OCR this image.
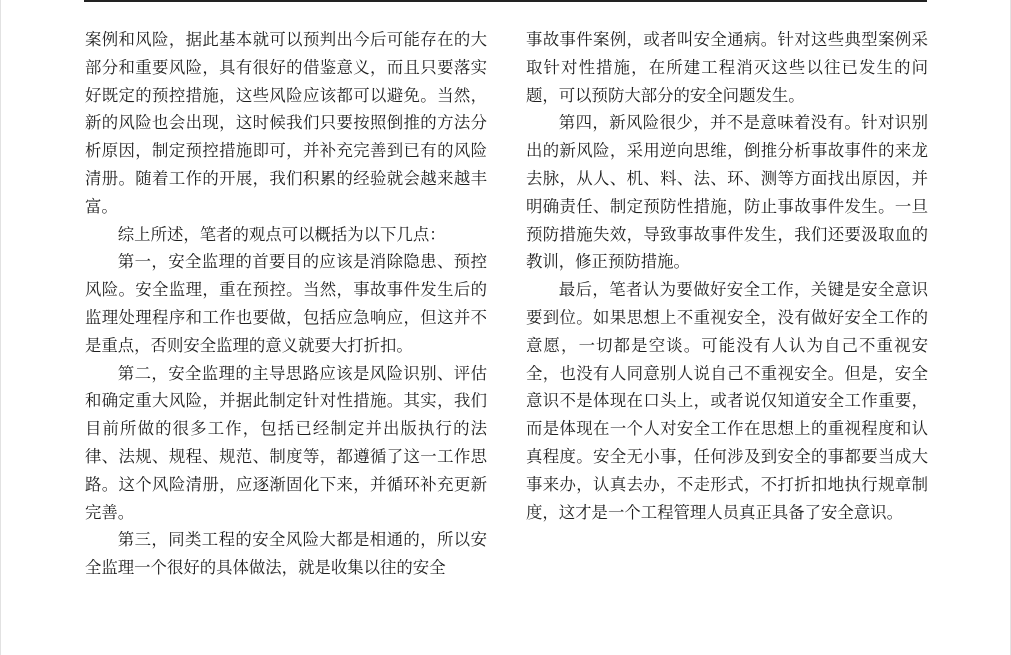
案例和风险，据此基本就可以预判出今后可能存在的大部分和重要风险，具有很好的借鉴意义，而且只要落实好既定的预控措施，这些风险应该都可以避免。当然，新的风险也会出现，这时候我们只要按照倒推的方法分析原因，制定预控措施即可，并补充完善到已有的风险清册。随着工作的开展，我们积累的经验就会越来越丰富。

综上所述，笔者的观点可以概括为以下几点：

第一，安全监理的首要目的应该是消除隐患、预控风险。安全监理，重在预控。当然，事故事件发生后的监理处理程序和工作也要做，包括应急响应，但这并不是重点，否则安全监理的意义就要大打折扣。

第二，安全监理的主导思路应该是风险识别、评估和确定重大风险，并据此制定针对性措施。其实，我们目前所做的很多工作，包括已经制定并出版执行的法律、法规、规程、规范、制度等，都遵循了这一工作思路。这个风险清册，应逐渐固化下来，并循环补充更新完善。

第三，同类工程的安全风险大都是相通的，所以安全监理一个很好的具体做法，就是收集以往的安全

事故事件案例，或者叫安全通病。针对这些典型案例采取针对性措施，在所建工程消灭这些以往已发生的问题，可以预防大部分的安全问题发生。

第四，新风险很少，并不是意味着没有。针对识别出的新风险，采用逆向思维，倒推分析事故事件的来龙去脉，从人、机、料、法、环、测等方面找出原因，并明确责任、制定预防性措施，防止事故事件发生。一旦预防措施失效，导致事故事件发生，我们还要汲取血的教训，修正预防措施。

最后，笔者认为要做好安全工作，关键是安全意识要到位。如果思想上不重视安全，没有做好安全工作的意愿，一切都是空谈。可能没有人认为自己不重视安全，也没有人同意别人说自己不重视安全。但是，安全意识不是体现在口头上，或者说仅知道安全工作重要，而是体现在一个人对安全工作在思想上的重视程度和认真程度。安全无小事，任何涉及到安全的事都要当成大事来办，认真去办，不走形式，不打折扣地执行规章制度，这才是一个工程管理人员真正具备了安全意识。
